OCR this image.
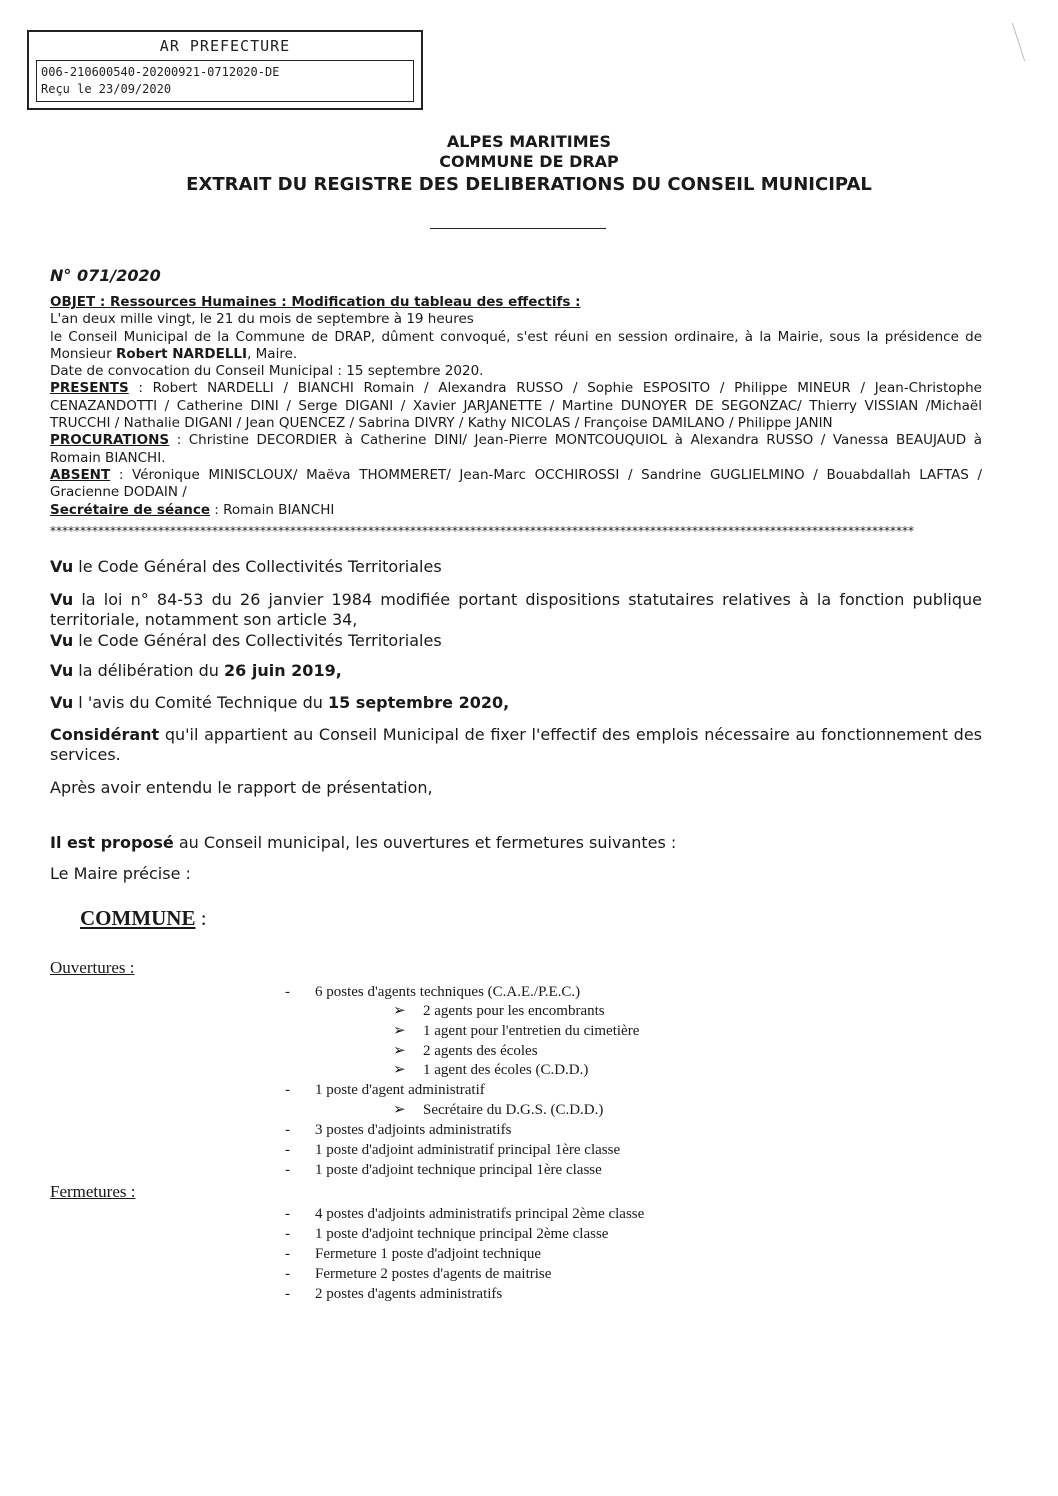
AR PREFECTURE
006-210600540-20200921-0712020-DE
Reçu le 23/09/2020
ALPES MARITIMES
COMMUNE DE DRAP
EXTRAIT DU REGISTRE DES DELIBERATIONS DU CONSEIL MUNICIPAL
N° 071/2020

OBJET : Ressources Humaines : Modification du tableau des effectifs :

L'an deux mille vingt, le 21 du mois de septembre à 19 heures

le Conseil Municipal de la Commune de DRAP, dûment convoqué, s'est réuni en session ordinaire, à la Mairie, sous la présidence de Monsieur Robert NARDELLI, Maire.

Date de convocation du Conseil Municipal : 15 septembre 2020.

PRESENTS : Robert NARDELLI / BIANCHI Romain / Alexandra RUSSO / Sophie ESPOSITO / Philippe MINEUR / Jean-Christophe CENAZANDOTTI / Catherine DINI / Serge DIGANI / Xavier JARJANETTE / Martine DUNOYER DE SEGONZAC/ Thierry VISSIAN /Michaël TRUCCHI / Nathalie DIGANI / Jean QUENCEZ / Sabrina DIVRY / Kathy NICOLAS / Françoise DAMILANO / Philippe JANIN

PROCURATIONS : Christine DECORDIER à Catherine DINI/ Jean-Pierre MONTCOUQUIOL à Alexandra RUSSO / Vanessa BEAUJAUD à Romain BIANCHI.

ABSENT : Véronique MINISCLOUX/ Maëva THOMMERET/ Jean-Marc OCCHIROSSI / Sandrine GUGLIELMINO / Bouabdallah LAFTAS / Gracienne DODAIN /

Secrétaire de séance : Romain BIANCHI

************************************************************************************************************************************************
Vu le Code Général des Collectivités Territoriales

Vu la loi n° 84-53 du 26 janvier 1984 modifiée portant dispositions statutaires relatives à la fonction publique territoriale, notamment son article 34,

Vu le Code Général des Collectivités Territoriales
Vu la délibération du 26 juin 2019,
Vu l 'avis du Comité Technique du 15 septembre 2020,

Considérant qu'il appartient au Conseil Municipal de fixer l'effectif des emplois nécessaire au fonctionnement des services.

Après avoir entendu le rapport de présentation,
Il est proposé au Conseil municipal, les ouvertures et fermetures suivantes :
Le Maire précise :
COMMUNE :
Ouvertures :
- 6 postes d'agents techniques (C.A.E./P.E.C.)
➢ 2 agents pour les encombrants
➢ 1 agent pour l'entretien du cimetière
➢ 2 agents des écoles
➢ 1 agent des écoles (C.D.D.)
- 1 poste d'agent administratif
➢ Secrétaire du D.G.S. (C.D.D.)
- 3 postes d'adjoints administratifs
- 1 poste d'adjoint administratif principal 1ère classe
- 1 poste d'adjoint technique principal 1ère classe
Fermetures :
- 4 postes d'adjoints administratifs principal 2ème classe
- 1 poste d'adjoint technique principal 2ème classe
- Fermeture 1 poste d'adjoint technique
- Fermeture 2 postes d'agents de maitrise
- 2 postes d'agents administratifs
